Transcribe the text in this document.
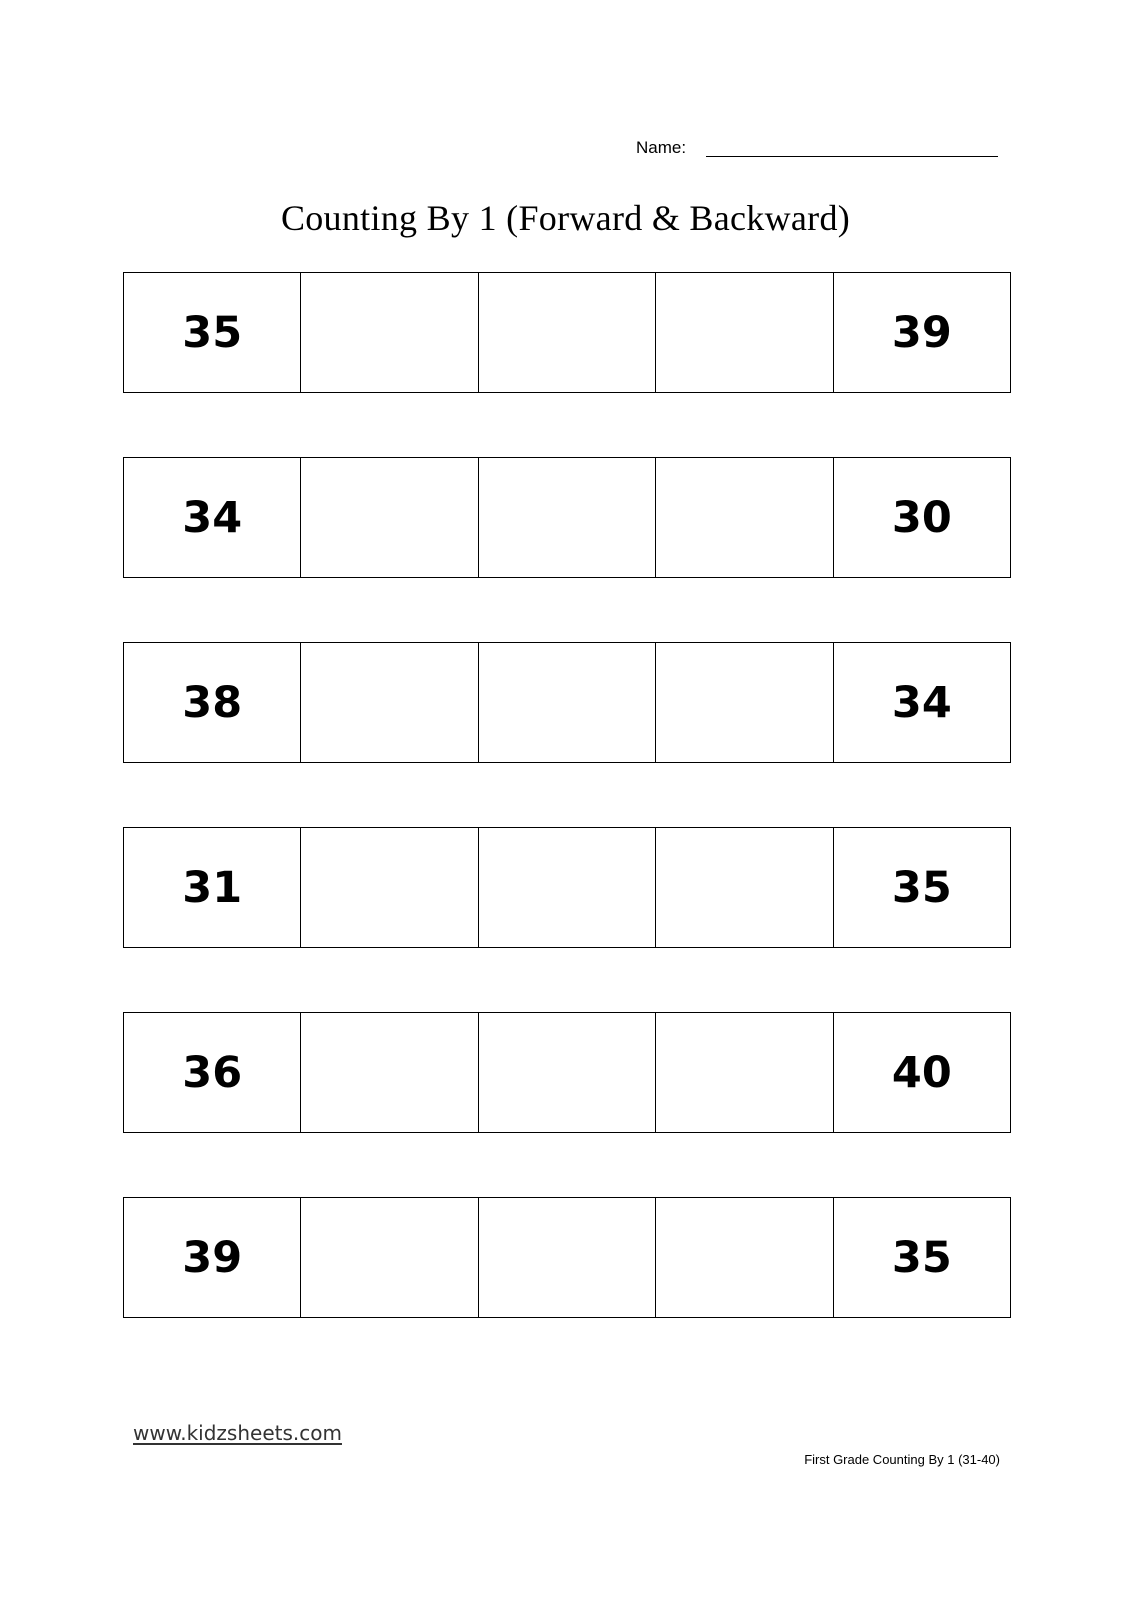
Name:
Counting By 1 (Forward & Backward)
35	39
34	30
38	34
31	35
36	40
39	35
www.kidzsheets.com
First Grade Counting By 1 (31-40)
